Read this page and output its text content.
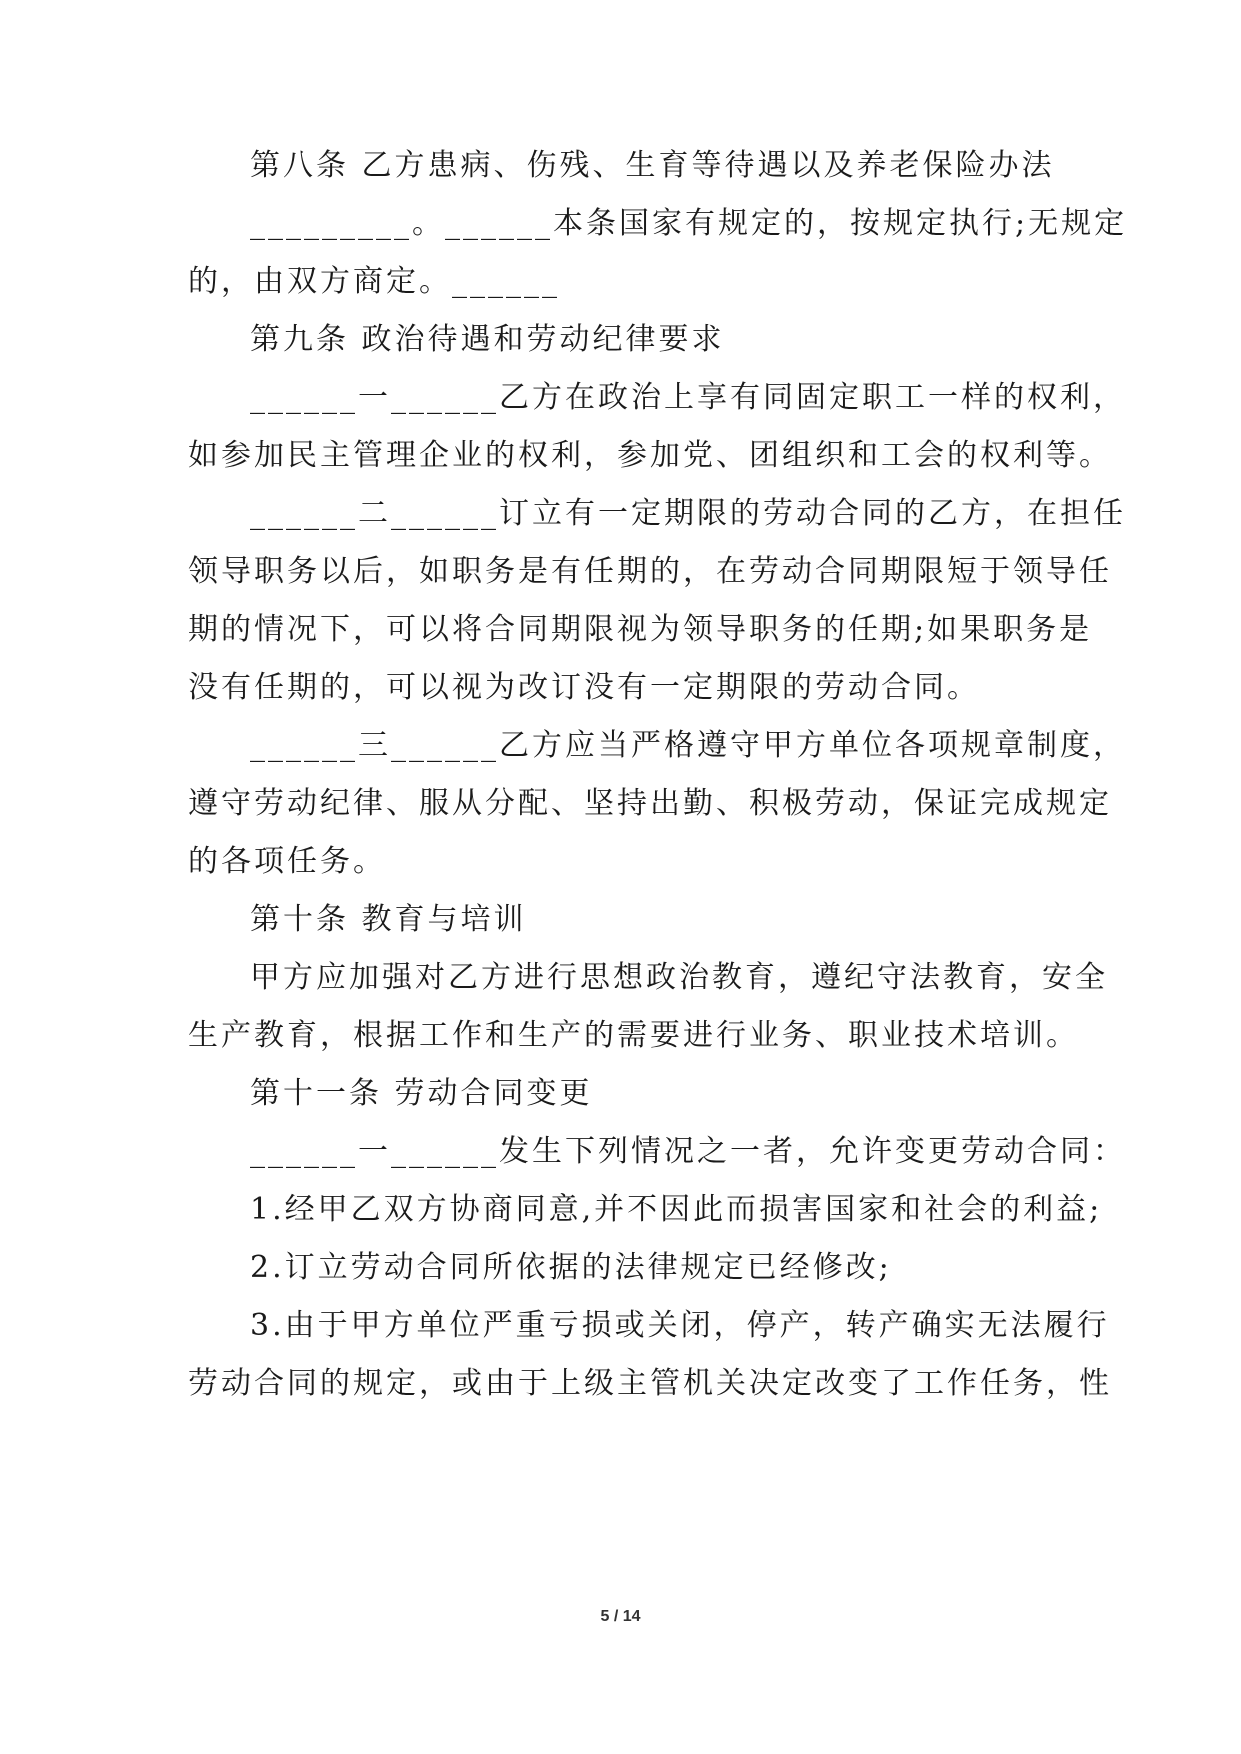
第八条 乙方患病、伤残、生育等待遇以及养老保险办法
_________。______本条国家有规定的，按规定执行;无规定
的，由双方商定。______
第九条 政治待遇和劳动纪律要求
______一______乙方在政治上享有同固定职工一样的权利，
如参加民主管理企业的权利，参加党、团组织和工会的权利等。
______二______订立有一定期限的劳动合同的乙方，在担任
领导职务以后，如职务是有任期的，在劳动合同期限短于领导任
期的情况下，可以将合同期限视为领导职务的任期;如果职务是
没有任期的，可以视为改订没有一定期限的劳动合同。
______三______乙方应当严格遵守甲方单位各项规章制度，
遵守劳动纪律、服从分配、坚持出勤、积极劳动，保证完成规定
的各项任务。
第十条 教育与培训
甲方应加强对乙方进行思想政治教育，遵纪守法教育，安全
生产教育，根据工作和生产的需要进行业务、职业技术培训。
第十一条 劳动合同变更
______一______发生下列情况之一者，允许变更劳动合同：
1.经甲乙双方协商同意,并不因此而损害国家和社会的利益;
2.订立劳动合同所依据的法律规定已经修改;
3.由于甲方单位严重亏损或关闭，停产，转产确实无法履行
劳动合同的规定，或由于上级主管机关决定改变了工作任务，性
5 / 14
